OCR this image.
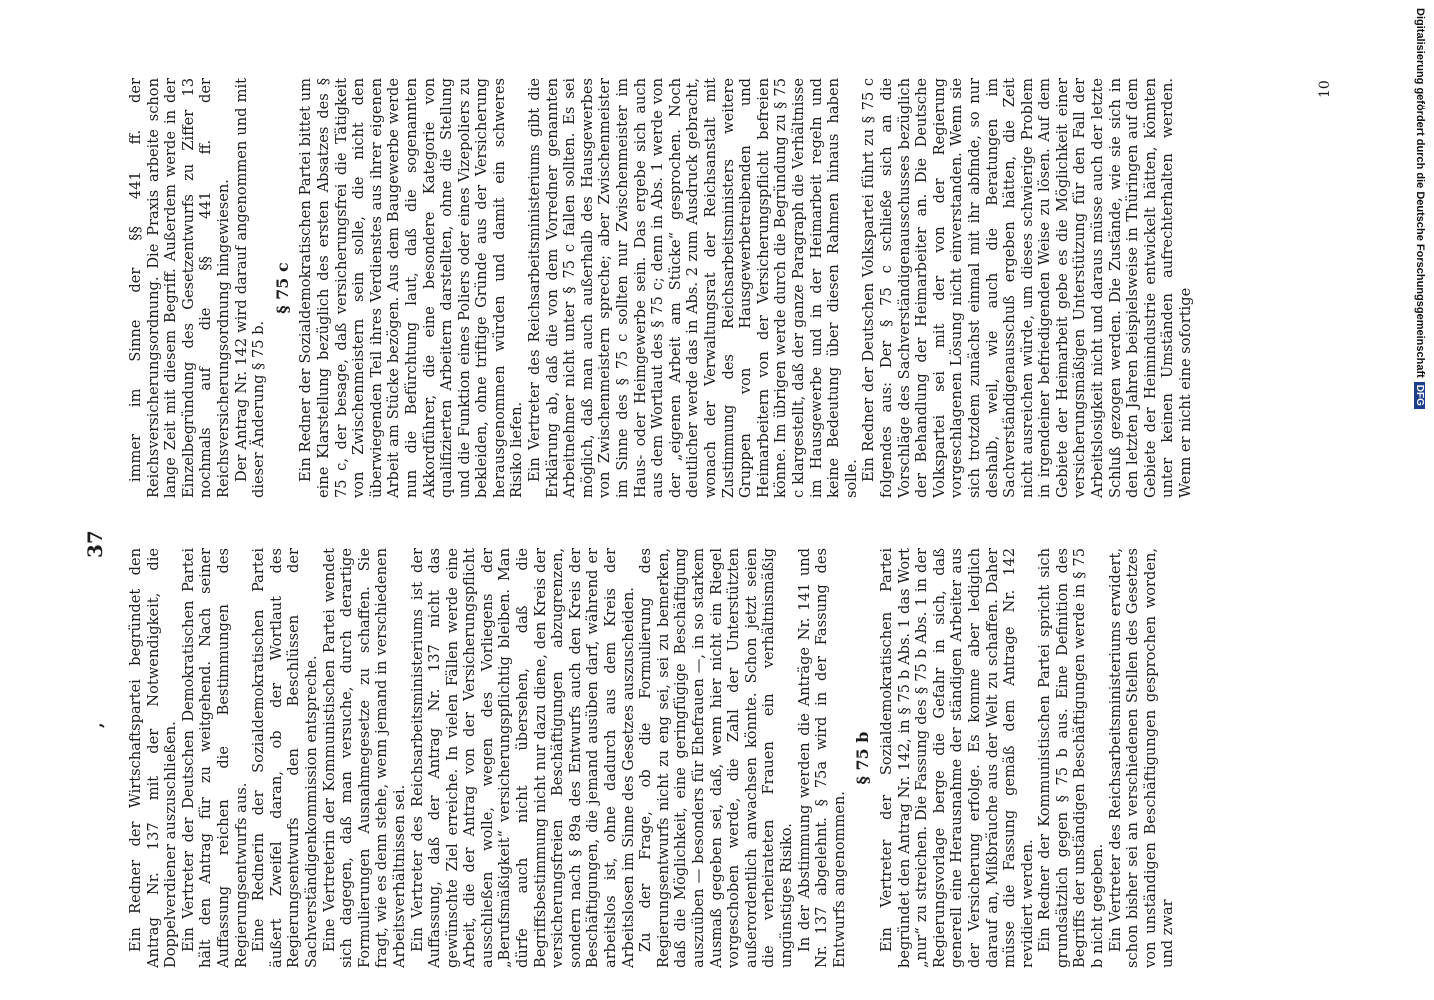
37
, Ein Redner der Wirtschaftspartei begründet den Antrag Nr. 137 mit der Notwendigkeit, die Doppelverdiener auszuschließen. Ein Vertreter der Deutschen Demokratischen Partei hält den Antrag für zu weitgehend. Nach seiner Auffassung reichen die Bestimmungen des Regierungsentwurfs aus. Eine Rednerin der Sozialdemokratischen Partei äußert Zweifel daran, ob der Wortlaut des Regierungsentwurfs den Beschlüssen der Sachverständigenkommission entspreche. Eine Vertreterin der Kommunistischen Partei wendet sich dagegen, daß man versuche, durch derartige Formulierungen Ausnahmegesetze zu schaffen. Sie fragt, wie es denn stehe, wenn jemand in verschiedenen Arbeitsverhältnissen sei. Ein Vertreter des Reichsarbeitsministeriums ist der Auffassung, daß der Antrag Nr. 137 nicht das gewünschte Ziel erreiche. In vielen Fällen werde eine Arbeit, die der Antrag von der Versicherungspflicht ausschließen wolle, wegen des Vorliegens der „Berufsmäßigkeit“ versicherungspflichtig bleiben. Man dürfe auch nicht übersehen, daß die Begriffsbestimmung nicht nur dazu diene, den Kreis der versicherungsfreien Beschäftigungen abzugrenzen, sondern nach § 89a des Entwurfs auch den Kreis der Beschäftigungen, die jemand ausüben darf, während er arbeitslos ist, ohne dadurch aus dem Kreis der Arbeitslosen im Sinne des Gesetzes auszuscheiden. Zu der Frage, ob die Formulierung des Regierungsentwurfs nicht zu eng sei, sei zu bemerken, daß die Möglichkeit, eine geringfügige Beschäftigung auszuüben — besonders für Ehefrauen —, in so starkem Ausmaß gegeben sei, daß, wenn hier nicht ein Riegel vorgeschoben werde, die Zahl der Unterstützten außerordentlich anwachsen könnte. Schon jetzt seien die verheirateten Frauen ein verhältnismäßig ungünstiges Risiko. In der Abstimmung werden die Anträge Nr. 141 und Nr. 137 abgelehnt. § 75a wird in der Fassung des Entwurfs angenommen.

§ 75 b Ein Vertreter der Sozialdemokratischen Partei begründet den Antrag Nr. 142, in § 75 b Abs. 1 das Wort „nur“ zu streichen. Die Fassung des § 75 b Abs. 1 in der Regierungsvorlage berge die Gefahr in sich, daß generell eine Herausnahme der ständigen Arbeiter aus der Versicherung erfolge. Es komme aber lediglich darauf an, Mißbräuche aus der Welt zu schaffen. Daher müsse die Fassung gemäß dem Antrage Nr. 142 revidiert werden. Ein Redner der Kommunistischen Partei spricht sich grundsätzlich gegen § 75 b aus. Eine Definition des Begriffs der unständigen Beschäftigungen werde in § 75 b nicht gegeben. Ein Vertreter des Reichsarbeitsministeriums erwidert, schon bisher sei an verschiedenen Stellen des Gesetzes von unständigen Beschäftigungen gesprochen worden, und zwar

immer im Sinne der §§ 441 ff. der Reichsversicherungsordnung. Die Praxis arbeite schon lange Zeit mit diesem Begriff. Außerdem werde in der Einzelbegründung des Gesetzentwurfs zu Ziffer 13 nochmals auf die §§ 441 ff. der Reichsversicherungsordnung hingewiesen. Der Antrag Nr. 142 wird darauf angenommen und mit dieser Änderung § 75 b.

§ 75 c Ein Redner der Sozialdemokratischen Partei bittet um eine Klarstellung bezüglich des ersten Absatzes des § 75 c, der besage, daß versicherungsfrei die Tätigkeit von Zwischenmeistern sein solle, die nicht den überwiegenden Teil ihres Verdienstes aus ihrer eigenen Arbeit am Stücke bezögen. Aus dem Baugewerbe werde nun die Befürchtung laut, daß die sogenannten Akkordführer, die eine besondere Kategorie von qualifizierten Arbeitern darstellten, ohne die Stellung und die Funktion eines Poliers oder eines Vizepoliers zu bekleiden, ohne triftige Gründe aus der Versicherung herausgenommen würden und damit ein schweres Risiko liefen. Ein Vertreter des Reichsarbeitsministeriums gibt die Erklärung ab, daß die von dem Vorredner genannten Arbeitnehmer nicht unter § 75 c fallen sollten. Es sei möglich, daß man auch außerhalb des Hausgewerbes von Zwischenmeistern spreche; aber Zwischenmeister im Sinne des § 75 c sollten nur Zwischenmeister im Haus- oder Heimgewerbe sein. Das ergebe sich auch aus dem Wortlaut des § 75 c; denn in Abs. 1 werde von der „eigenen Arbeit am Stücke“ gesprochen. Noch deutlicher werde das in Abs. 2 zum Ausdruck gebracht, wonach der Verwaltungsrat der Reichsanstalt mit Zustimmung des Reichsarbeitsministers weitere Gruppen von Hausgewerbetreibenden und Heimarbeitern von der Versicherungspflicht befreien könne. Im übrigen werde durch die Begründung zu § 75 c klargestellt, daß der ganze Paragraph die Verhältnisse im Hausgewerbe und in der Heimarbeit regeln und keine Bedeutung über diesen Rahmen hinaus haben solle. Ein Redner der Deutschen Volkspartei führt zu § 75 c folgendes aus: Der § 75 c schließe sich an die Vorschläge des Sachverständigenausschusses bezüglich der Behandlung der Heimarbeiter an. Die Deutsche Volkspartei sei mit der von der Regierung vorgeschlagenen Lösung nicht einverstanden. Wenn sie sich trotzdem zunächst einmal mit ihr abfinde, so nur deshalb, weil, wie auch die Beratungen im Sachverständigenausschuß ergeben hätten, die Zeit nicht ausreichen würde, um dieses schwierige Problem in irgendeiner befriedigenden Weise zu lösen. Auf dem Gebiete der Heimarbeit gebe es die Möglichkeit einer versicherungsmäßigen Unterstützung für den Fall der Arbeitslosigkeit nicht und daraus müsse auch der letzte Schluß gezogen werden. Die Zustände, wie sie sich in den letzten Jahren beispielsweise in Thüringen auf dem Gebiete der Heimindustrie entwickelt hätten, könnten unter keinen Umständen aufrechterhalten werden. Wenn er nicht eine sofortige

10	Digitalisierung gefördert durch die Deutsche Forschungsgemeinschaft
DFG
